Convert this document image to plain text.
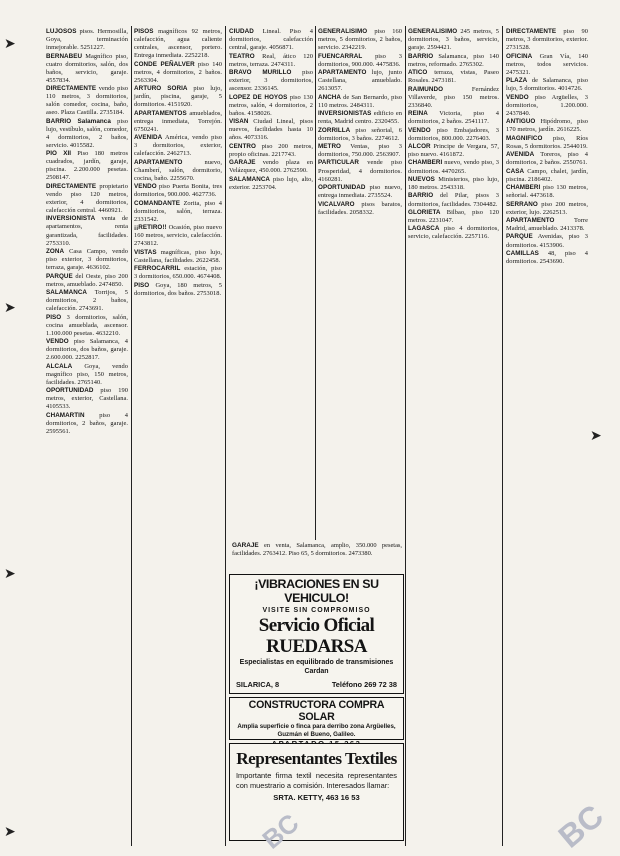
LUJOSOS pisos. Hermosilla, Goya, terminación inmejorable. 5251227.

BERNABEU Magnífico piso, cuatro dormitorios, salón, dos baños, servicio, garaje. 4557834.

DIRECTAMENTE vendo piso 110 metros, 3 dormitorios, salón comedor, cocina, baño, aseo. Plaza Castilla. 2735184.

BARRIO Salamanca piso lujo, vestíbulo, salón, comedor, 4 dormitorios, 2 baños, servicio. 4015582.

PIO XII Piso 180 metros cuadrados, jardín, garaje, piscina. 2.200.000 pesetas. 2508147.

DIRECTAMENTE propietario vendo piso 120 metros, exterior, 4 dormitorios, calefacción central. 4460921.

INVERSIONISTA venta de apartamentos, renta garantizada, facilidades. 2753310.

ZONA Casa Campo, vendo piso exterior, 3 dormitorios, terraza, garaje. 4636102.

PARQUE del Oeste, piso 200 metros, amueblado. 2474850.

SALAMANCA Torrijos, 5 dormitorios, 2 baños, calefacción. 2743691.

PISO 3 dormitorios, salón, cocina amueblada, ascensor. 1.100.000 pesetas. 4632210.

VENDO piso Salamanca, 4 dormitorios, dos baños, garaje. 2.600.000. 2252817.

ALCALA Goya, vendo magnífico piso, 150 metros, facilidades. 2765140.

OPORTUNIDAD piso 190 metros, exterior, Castellana. 4105533.

CHAMARTIN piso 4 dormitorios, 2 baños, garaje. 2595561.

PISOS magníficos 92 metros, calefacción, agua caliente centrales, ascensor, portero. Entrega inmediata. 2252218.

CONDE PEÑALVER piso 140 metros, 4 dormitorios, 2 baños. 2563304.

ARTURO SORIA piso lujo, jardín, piscina, garaje, 5 dormitorios. 4151920.

APARTAMENTOS amueblados, entrega inmediata, Torrejón. 6750241.

AVENIDA América, vendo piso 3 dormitorios, exterior, calefacción. 2462713.

APARTAMENTO	nuevo, Chamberí, salón, dormitorio, cocina, baño. 2255670.

VENDO piso Puerta Bonita, tres dormitorios, 900.000. 4627736.

COMANDANTE Zorita, piso 4 dormitorios, salón, terraza. 2331542.

¡¡RETIRO!! Ocasión, piso nuevo 160 metros, servicio, calefacción. 2743812.

VISTAS magníficas, piso lujo, Castellana, facilidades. 2622458.

FERROCARRIL estación, piso 3 dormitorios, 650.000. 4674408.

PISO Goya, 180 metros, 5 dormitorios, dos baños. 2753018.

CIUDAD Lineal. Piso 4 dormitorios, calefacción central, garaje. 4056871.

TEATRO Real, ático 120 metros, terraza. 2474311.

BRAVO MURILLO piso exterior, 3 dormitorios, ascensor. 2336145.

LOPEZ DE HOYOS piso 130 metros, salón, 4 dormitorios, 2 baños. 4158026.

VISAN Ciudad Lineal, pisos nuevos, facilidades hasta 10 años. 4073316.

CENTRO piso 200 metros, propio oficinas. 2217743.

GARAJE vendo plaza en Velázquez, 450.000. 2762590.

SALAMANCA piso lujo, alto, exterior. 2253704.

GENERALISIMO piso 160 metros, 5 dormitorios, 2 baños, servicio. 2342219.

FUENCARRAL piso 3 dormitorios, 900.000. 4475836.

APARTAMENTO lujo, junto Castellana, amueblado. 2613057.

ANCHA de San Bernardo, piso 110 metros. 2484311.

INVERSIONISTAS edificio en renta, Madrid centro. 2320455.

ZORRILLA piso señorial, 6 dormitorios, 3 baños. 2274612.

METRO Ventas, piso 3 dormitorios, 750.000. 2563907.

PARTICULAR vende piso Prosperidad, 4 dormitorios. 4160281.

OPORTUNIDAD piso nuevo, entrega inmediata. 2735524.

VICALVARO pisos baratos, facilidades. 2058332.

GENERALISIMO 245 metros, 5 dormitorios, 3 baños, servicio, garaje. 2594421.

BARRIO Salamanca, piso 140 metros, reformado. 2765302.

ATICO terraza, vistas, Paseo Rosales. 2473181.

RAIMUNDO	Fernández Villaverde, piso 150 metros. 2336840.

REINA Victoria, piso 4 dormitorios, 2 baños. 2541117.

VENDO piso Embajadores, 3 dormitorios, 800.000. 2276403.

ALCOR Principe de Vergara, 57, piso nuevo. 4161872.

CHAMBERI nuevo, vendo piso, 3 dormitorios. 4470265.

NUEVOS Ministerios, piso lujo, 180 metros. 2543318.

BARRIO del Pilar, pisos 3 dormitorios, facilidades. 7304482.

GLORIETA Bilbao, piso 120 metros. 2231047.

LAGASCA piso 4 dormitorios, servicio, calefacción. 2257116.

DIRECTAMENTE piso 90 metros, 3 dormitorios, exterior. 2731528.

OFICINA Gran Vía, 140 metros, todos servicios. 2475321.

PLAZA de Salamanca, piso lujo, 5 dormitorios. 4014726.

VENDO piso Argüelles, 3 dormitorios, 1.200.000. 2437840.

ANTIGUO Hipódromo, piso 170 metros, jardín. 2616225.

MAGNIFICO piso, Ríos Rosas, 5 dormitorios. 2544019.

AVENIDA Toreros, piso 4 dormitorios, 2 baños. 2550761.

CASA Campo, chalet, jardín, piscina. 2186402.

CHAMBERI piso 130 metros, señorial. 4473618.

SERRANO piso 200 metros, exterior, lujo. 2262513.

APARTAMENTO	Torre Madrid, amueblado. 2413378.

PARQUE Avenidas, piso 3 dormitorios. 4153906.

CAMILLAS 48, piso 4 dormitorios. 2543690.

GARAJE en venta, Salamanca, amplio, 350.000 pesetas, facilidades. 2763412. Piso 65, 5 dormitorios. 2473380.
¡VIBRACIONES EN SU VEHICULO!
VISITE SIN COMPROMISO
Servicio Oficial RUEDARSA
Especialistas en equilibrado de transmisiones Cardan
SILARICA, 8	Teléfono 269 72 38
CONSTRUCTORA COMPRA SOLAR
Amplia superficie o finca para derribo zona Argüelles, Guzmán el Bueno, Galileo.
Representantes Textiles
Importante firma textil necesita representantes con muestrario a comisión. Interesados llamar:
SRTA. KETTY, 463 16 53
➤
➤
➤
➤
➤	BC	BC
